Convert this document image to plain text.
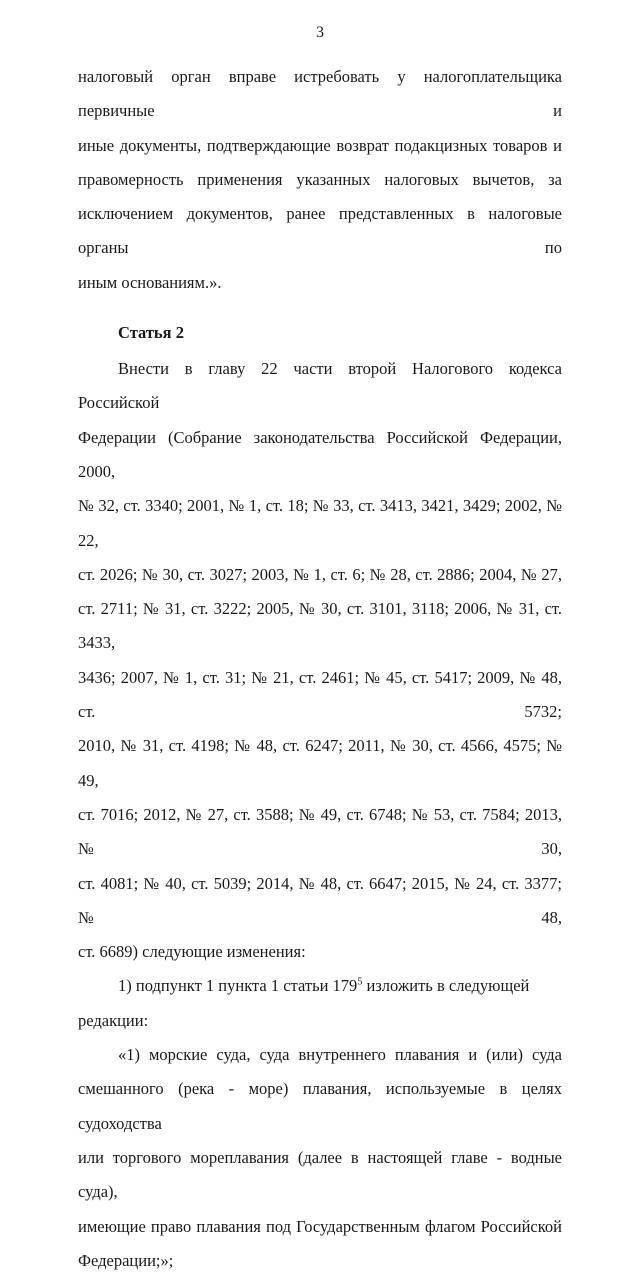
3
налоговый орган вправе истребовать у налогоплательщика первичные и
иные документы, подтверждающие возврат подакцизных товаров и
правомерность применения указанных налоговых вычетов, за
исключением документов, ранее представленных в налоговые органы по
иным основаниям.».
Статья 2
Внести в главу 22 части второй Налогового кодекса Российской
Федерации (Собрание законодательства Российской Федерации, 2000,
№ 32, ст. 3340; 2001, № 1, ст. 18; № 33, ст. 3413, 3421, 3429; 2002, № 22,
ст. 2026; № 30, ст. 3027; 2003, № 1, ст. 6; № 28, ст. 2886; 2004, № 27,
ст. 2711; № 31, ст. 3222; 2005, № 30, ст. 3101, 3118; 2006, № 31, ст. 3433,
3436; 2007, № 1, ст. 31; № 21, ст. 2461; № 45, ст. 5417; 2009, № 48, ст. 5732;
2010, № 31, ст. 4198; № 48, ст. 6247; 2011, № 30, ст. 4566, 4575; № 49,
ст. 7016; 2012, № 27, ст. 3588; № 49, ст. 6748; № 53, ст. 7584; 2013, № 30,
ст. 4081; № 40, ст. 5039; 2014, № 48, ст. 6647; 2015, № 24, ст. 3377; № 48,
ст. 6689) следующие изменения:
1) подпункт 1 пункта 1 статьи $179^5$ изложить в следующей редакции:
«1) морские суда, суда внутреннего плавания и (или) суда
смешанного (река - море) плавания, используемые в целях судоходства
или торгового мореплавания (далее в настоящей главе - водные суда),
имеющие право плавания под Государственным флагом Российской
Федерации;»;
